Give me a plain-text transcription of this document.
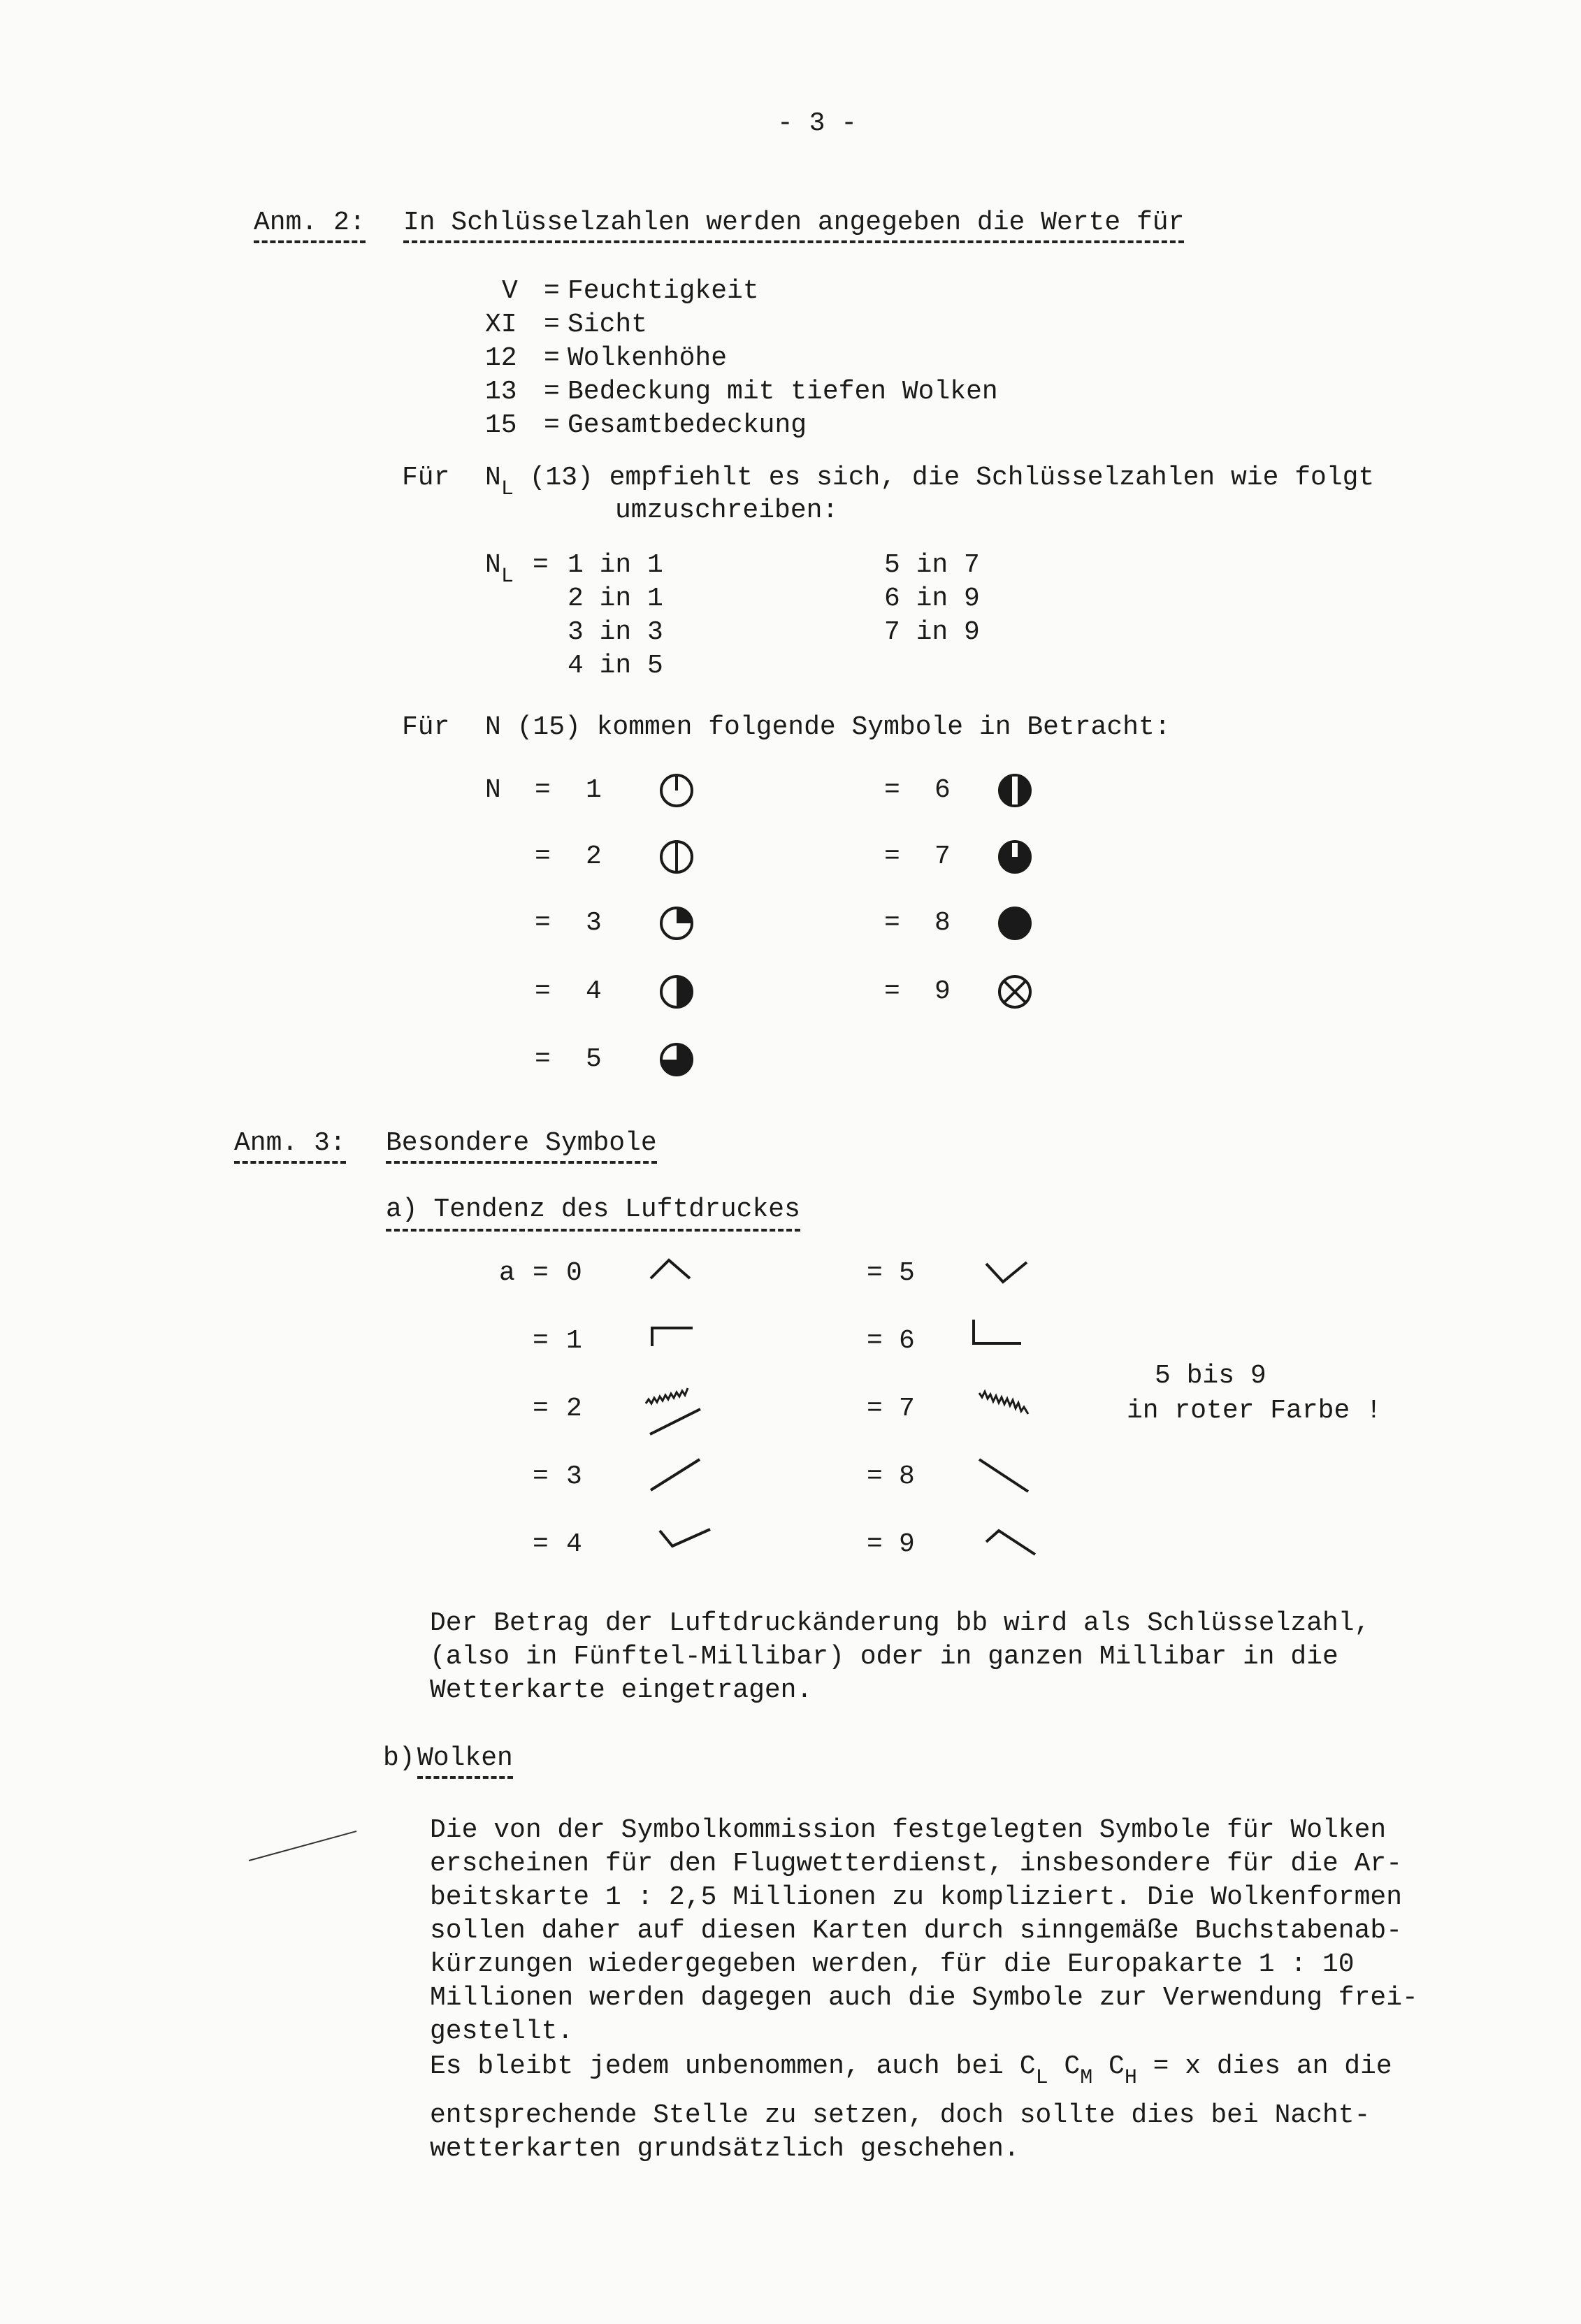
- 3 -
Anm. 2: In Schlüsselzahlen werden angegeben die Werte für
V = Feuchtigkeit
XI = Sicht
12 = Wolkenhöhe
13 = Bedeckung mit tiefen Wolken
15 = Gesamtbedeckung
Für $N_L$ (13) empfiehlt es sich, die Schlüsselzahlen wie folgt
umzuschreiben:
$N_L = 1$ in 1
2 in 1
3 in 3
4 in 5
5 in 7
6 in 9
7 in 9
Für N (15) kommen folgende Symbole in Betracht:
N = 1
= 2
= 3
= 4
= 5
= 6
= 7
= 8
= 9
Anm. 3: Besondere Symbole
a) Tendenz des Luftdruckes
a = 0
= 1
= 2
= 3
= 4
= 5
= 6
= 7
= 8
= 9
5 bis 9
in roter Farbe !
Der Betrag der Luftdruckänderung bb wird als Schlüsselzahl,
(also in Fünftel-Millibar) oder in ganzen Millibar in die
Wetterkarte eingetragen.
b) Wolken
Die von der Symbolkommission festgelegten Symbole für Wolken
erscheinen für den Flugwetterdienst, insbesondere für die Ar-
beitskarte 1 : 2,5 Millionen zu kompliziert. Die Wolkenformen
sollen daher auf diesen Karten durch sinngemäße Buchstabenab-
kürzungen wiedergegeben werden, für die Europakarte 1 : 10
Millionen werden dagegen auch die Symbole zur Verwendung frei-
gestellt.
Es bleibt jedem unbenommen, auch bei $C_L$ $C_M$ $C_H = x$ dies an die
entsprechende Stelle zu setzen, doch sollte dies bei Nacht-
wetterkarten grundsätzlich geschehen.
